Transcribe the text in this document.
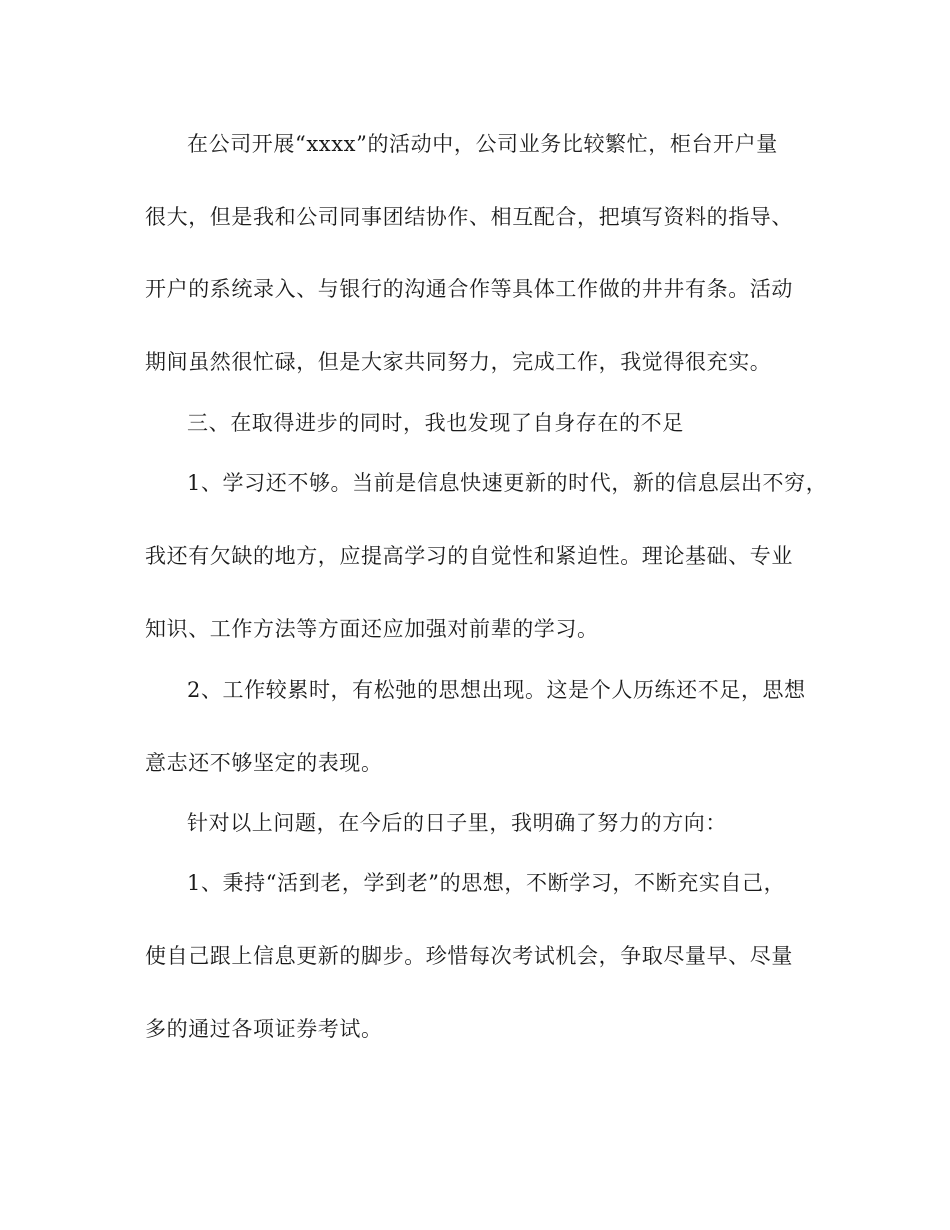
在公司开展“xxxx”的活动中，公司业务比较繁忙，柜台开户量
很大，但是我和公司同事团结协作、相互配合，把填写资料的指导、
开户的系统录入、与银行的沟通合作等具体工作做的井井有条。活动
期间虽然很忙碌，但是大家共同努力，完成工作，我觉得很充实。
三、在取得进步的同时，我也发现了自身存在的不足
1、学习还不够。当前是信息快速更新的时代，新的信息层出不穷，
我还有欠缺的地方，应提高学习的自觉性和紧迫性。理论基础、专业
知识、工作方法等方面还应加强对前辈的学习。
2、工作较累时，有松弛的思想出现。这是个人历练还不足，思想
意志还不够坚定的表现。
针对以上问题，在今后的日子里，我明确了努力的方向：
1、秉持“活到老，学到老”的思想，不断学习，不断充实自己，
使自己跟上信息更新的脚步。珍惜每次考试机会，争取尽量早、尽量
多的通过各项证券考试。
